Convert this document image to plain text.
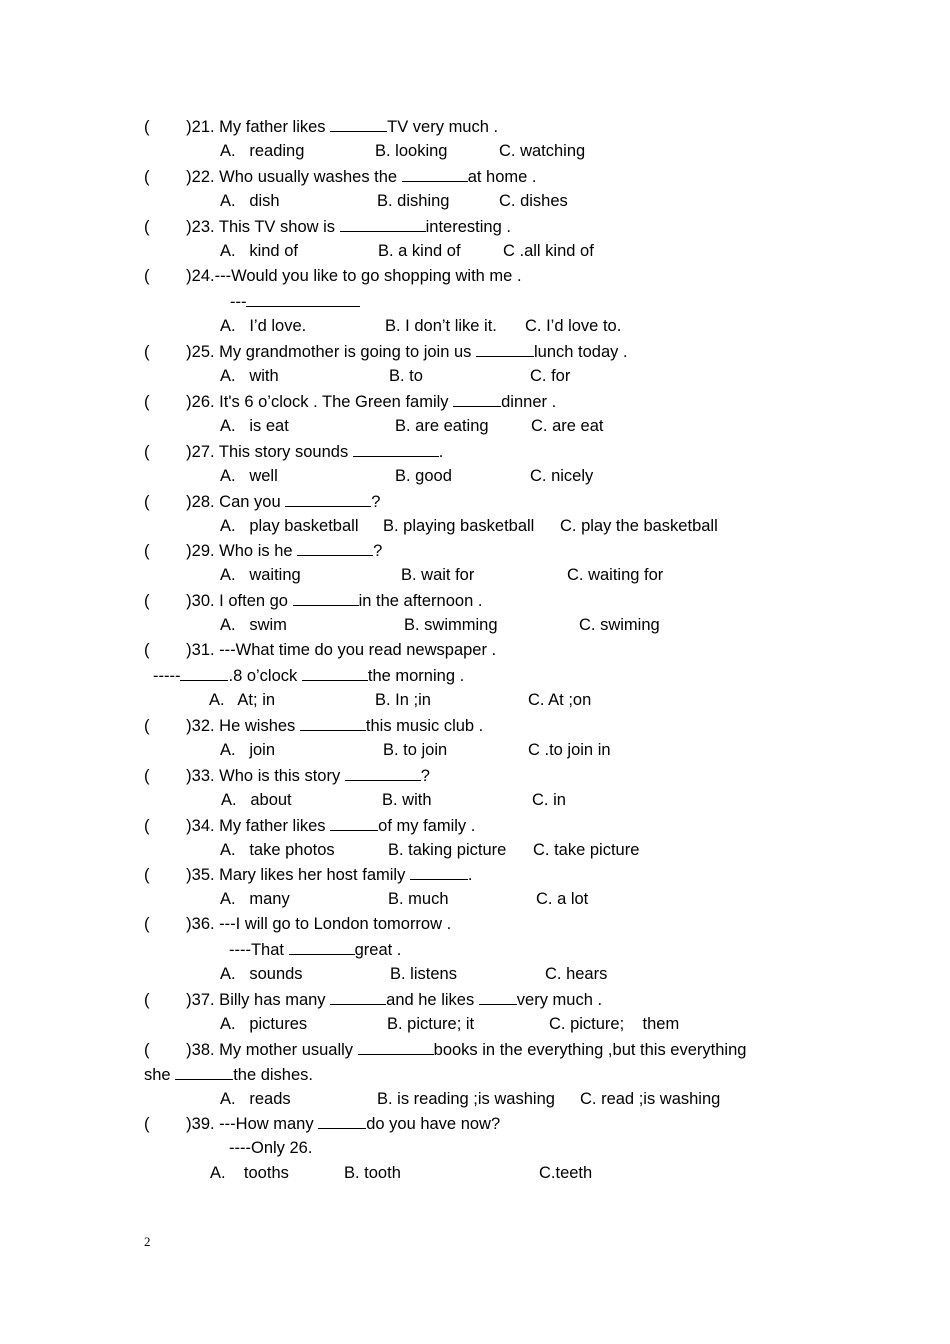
(        )21. My father likes	TV very much .
A.   reading	B. looking	C. watching
(        )22. Who usually washes the	at home .
A.   dish	B. dishing	C. dishes
(        )23. This TV show is	interesting .
A.   kind of	B. a kind of	C .all kind of
(        )24.---Would you like to go shopping with me .
---
A.   I’d love.	B. I don’t like it. C. I’d love to.
(        )25. My grandmother is going to join us	lunch today .
A.   with	B. to	C. for
(        )26. It's 6 o’clock . The Green family	dinner .
A.   is eat	B. are eating	C. are eat
(        )27. This story sounds	.
A.   well	B. good	C. nicely
(        )28. Can you	?
A.   play basketball B. playing basketball C. play the basketball
(        )29. Who is he	?
A.   waiting	B. wait for	C. waiting for
(        )30. I often go	in the afternoon .
A.   swim	B. swimming	C. swiming
(        )31. ---What time do you read newspaper .
-----	.8 o’clock	the morning .
A.   At; in	B. In ;in	C. At ;on
(        )32. He wishes	this music club .
A.   join	B. to join	C .to join in
(        )33. Who is this story	?
A.   about	B. with	C. in
(        )34. My father likes	of my family .
A.   take photos	B. taking picture C. take picture
(        )35. Mary likes her host family	.
A.   many	B. much	C. a lot
(        )36. ---I will go to London tomorrow .
----That	great .
A.   sounds	B. listens	C. hears
(        )37. Billy has many	and he likes very much .
A.   pictures	B. picture; it	C. picture;    them
(        )38. My mother usually	books in the everything ,but this everything
she	the dishes.
A.   reads	B. is reading ;is washing C. read ;is washing
(        )39. ---How many	do you have now?
----Only 26.
A.    tooths	B. tooth	C.teeth
2
